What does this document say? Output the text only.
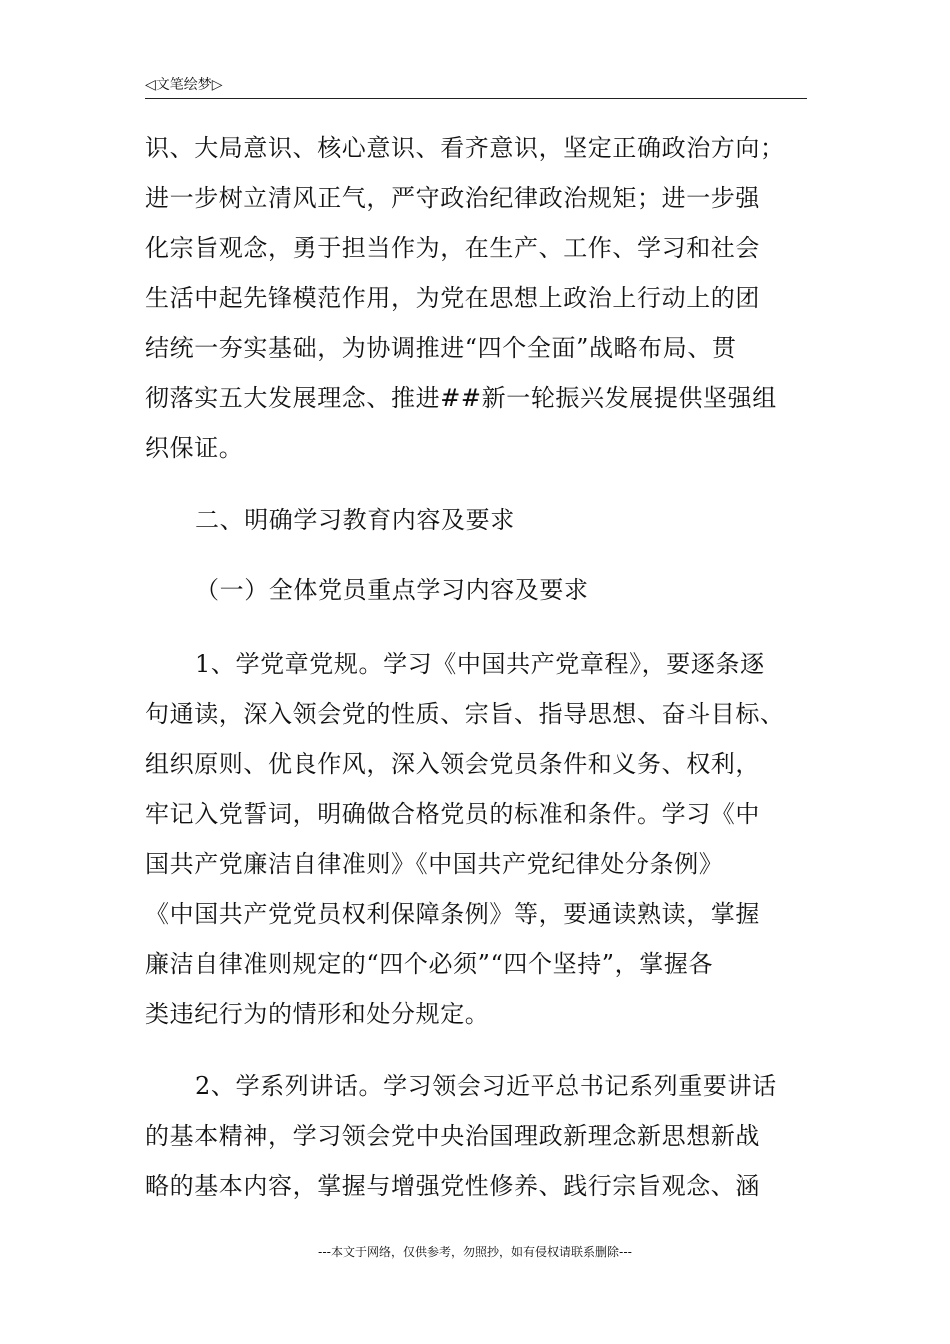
◁文笔绘梦▷
识、大局意识、核心意识、看齐意识，坚定正确政治方向；
进一步树立清风正气，严守政治纪律政治规矩；进一步强
化宗旨观念，勇于担当作为，在生产、工作、学习和社会
生活中起先锋模范作用，为党在思想上政治上行动上的团
结统一夯实基础，为协调推进“四个全面”战略布局、贯
彻落实五大发展理念、推进##新一轮振兴发展提供坚强组
织保证。
二、明确学习教育内容及要求
（一）全体党员重点学习内容及要求
1、学党章党规。学习《中国共产党章程》，要逐条逐
句通读，深入领会党的性质、宗旨、指导思想、奋斗目标、
组织原则、优良作风，深入领会党员条件和义务、权利，
牢记入党誓词，明确做合格党员的标准和条件。学习《中
国共产党廉洁自律准则》《中国共产党纪律处分条例》
《中国共产党党员权利保障条例》等，要通读熟读，掌握
廉洁自律准则规定的“四个必须”“四个坚持”，掌握各
类违纪行为的情形和处分规定。
2、学系列讲话。学习领会习近平总书记系列重要讲话
的基本精神，学习领会党中央治国理政新理念新思想新战
略的基本内容，掌握与增强党性修养、践行宗旨观念、涵
---本文于网络，仅供参考，勿照抄，如有侵权请联系删除---
